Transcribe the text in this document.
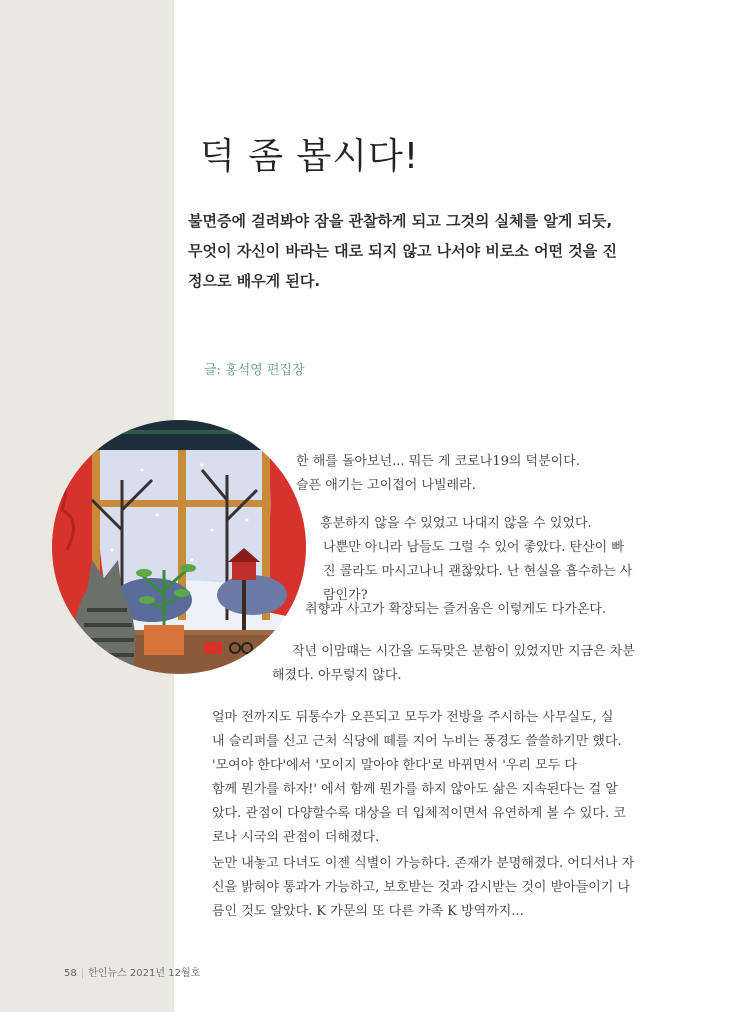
덕 좀 봅시다!
불면증에 걸려봐야 잠을 관찰하게 되고 그것의 실체를 알게 되듯,
무엇이 자신이 바라는 대로 되지 않고 나서야 비로소 어떤 것을 진
정으로 배우게 된다.
글: 홍석영 편집장
한 해를 돌아보넌... 뭐든 게 코로나19의 덕분이다.
슬픈 애기는 고이접어 나빌레라.
흥분하지 않을 수 있었고 나대지 않을 수 있었다.
나뿐만 아니라 남들도 그럴 수 있어 좋았다. 탄산이 빠
진 콜라도 마시고나니 괜찮았다. 난 현실을 흡수하는 사
람인가?
취향과 사고가 확장되는 즐거움은 이렇게도 다가온다.
작년 이맘때는 시간을 도둑맞은 분함이 있었지만 지금은 차분
해졌다. 아무렇지 않다.
얼마 전까지도 뒤통수가 오픈되고 모두가 전방을 주시하는 사무실도, 실
내 슬리퍼를 신고 근처 식당에 떼를 지어 누비는 풍경도 쓸쓸하기만 했다.
'모여야 한다'에서 '모이지 말아야 한다'로 바뀌면서 '우리 모두 다
함께 뭔가를 하자!' 에서 함께 뭔가를 하지 않아도 삶은 지속된다는 걸 알
았다. 관점이 다양할수록 대상을 더 입체적이면서 유연하게 볼 수 있다. 코
로나 시국의 관점이 더해졌다.
눈만 내놓고 다녀도 이젠 식별이 가능하다. 존재가 분명해졌다. 어디서나 자
신을 밝혀야 통과가 가능하고, 보호받는 것과 감시받는 것이 받아들이기 나
름인 것도 알았다. K 가문의 또 다른 가족 K 방역까지...
58 | 한인뉴스 2021년 12월호
